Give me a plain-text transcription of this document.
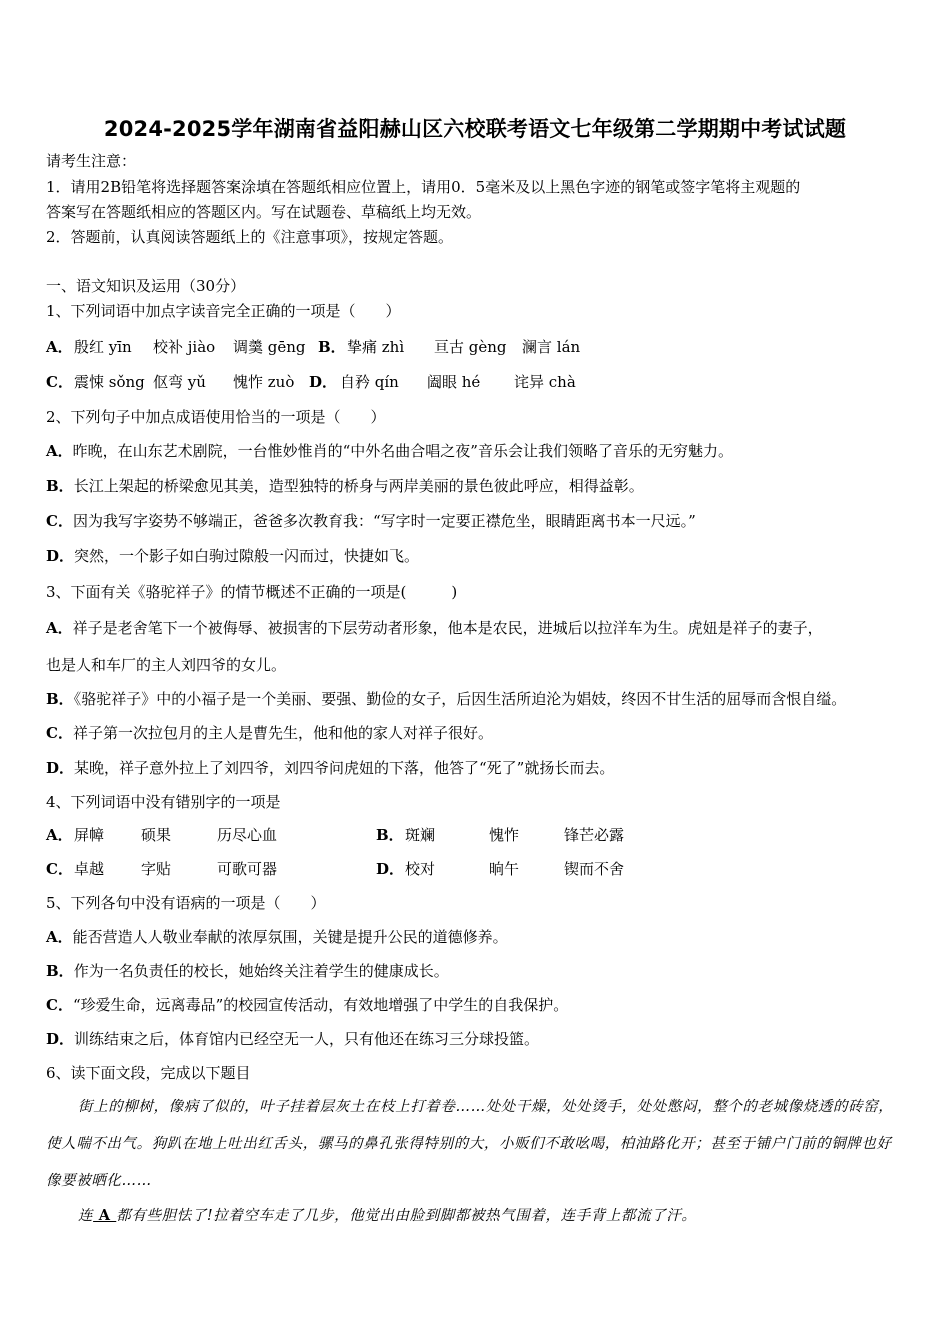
2024-2025学年湖南省益阳赫山区六校联考语文七年级第二学期期中考试试题
请考生注意：
1．请用2B铅笔将选择题答案涂填在答题纸相应位置上，请用0．5毫米及以上黑色字迹的钢笔或签字笔将主观题的
答案写在答题纸相应的答题区内。写在试题卷、草稿纸上均无效。
2．答题前，认真阅读答题纸上的《注意事项》，按规定答题。
一、语文知识及运用（30分）
1、下列词语中加点字读音完全正确的一项是（　　）
A． 殷红 yīn 校补 jiào 调羹 gēng B． 挚痛 zhì 亘古 gèng 澜言 lán
C． 震悚 sǒng 伛弯 yǔ 愧怍 zuò D． 自矜 qín 阖眼 hé 诧异 chà
2、下列句子中加点成语使用恰当的一项是（　　）
A．昨晚，在山东艺术剧院，一台惟妙惟肖的“中外名曲合唱之夜”音乐会让我们领略了音乐的无穷魅力。
B．长江上架起的桥梁愈见其美，造型独特的桥身与两岸美丽的景色彼此呼应，相得益彰。
C．因为我写字姿势不够端正，爸爸多次教育我：“写字时一定要正襟危坐，眼睛距离书本一尺远。”
D．突然，一个影子如白驹过隙般一闪而过，快捷如飞。
3、下面有关《骆驼祥子》的情节概述不正确的一项是(　　　)
A．祥子是老舍笔下一个被侮辱、被损害的下层劳动者形象，他本是农民，进城后以拉洋车为生。虎妞是祥子的妻子，
也是人和车厂的主人刘四爷的女儿。
B．《骆驼祥子》中的小福子是一个美丽、要强、勤俭的女子，后因生活所迫沦为娼妓，终因不甘生活的屈辱而含恨自缢。
C．祥子第一次拉包月的主人是曹先生，他和他的家人对祥子很好。
D．某晚，祥子意外拉上了刘四爷，刘四爷问虎妞的下落，他答了“死了”就扬长而去。
4、下列词语中没有错别字的一项是
A． 屏幛 硕果	历尽心血	B． 斑斓	愧怍	锋芒必露
C． 卓越 字贴	可歌可器	D． 校对	晌午	锲而不舍
5、下列各句中没有语病的一项是（　　）
A．能否营造人人敬业奉献的浓厚氛围，关键是提升公民的道德修养。
B．作为一名负责任的校长，她始终关注着学生的健康成长。
C．“珍爱生命，远离毒品”的校园宣传活动，有效地增强了中学生的自我保护。
D．训练结束之后，体育馆内已经空无一人，只有他还在练习三分球投篮。
6、读下面文段，完成以下题目
街上的柳树，像病了似的，叶子挂着层灰土在枝上打着卷……处处干燥，处处烫手，处处憋闷，整个的老城像烧透的砖窑，使人喘不出气。狗趴在地上吐出红舌头，骡马的鼻孔张得特别的大，小贩们不敢吆喝，柏油路化开；甚至于铺户门前的铜牌也好像要被晒化……
连 A 都有些胆怯了!拉着空车走了几步，他觉出由脸到脚都被热气围着，连手背上都流了汗。
